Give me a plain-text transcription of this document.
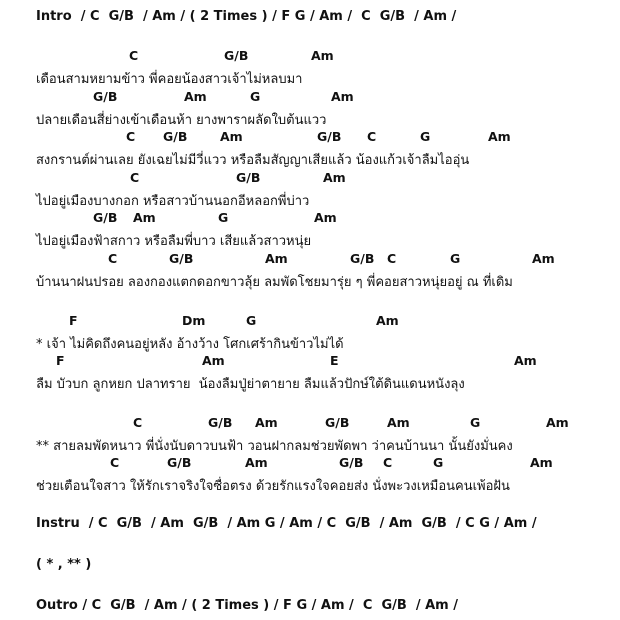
Intro  / C  G/B  / Am / ( 2 Times ) / F G / Am /  C  G/B  / Am /
C	G/B	Am
เดือนสามหยามข้าว พี่คอยน้องสาวเจ้าไม่หลบมา
G/B	Am	G	Am
ปลายเดือนสี่ย่างเข้าเดือนห้า ยางพาราผลัดใบต้นแวว
C G/B	Am	G/B C	G	Am
สงกรานต์ผ่านเลย ยังเฉยไม่มีวี่แวว หรือลืมสัญญาเสียแล้ว น้องแก้วเจ้าลืมไออุ่น
C	G/B	Am
ไปอยู่เมืองบางกอก หรือสาวบ้านนอกอีหลอกพี่บ่าว
G/B Am	G	Am
ไปอยู่เมืองฟ้าสกาว หรือลืมพี่บาว เสียแล้วสาวหนุ่ย
C	G/B	Am	G/B C	G	Am
บ้านนาฝนปรอย ลองกองแตกดอกขาวลุ้ย ลมพัดโชยมารุ่ย ๆ พี่คอยสาวหนุ่ยอยู่ ณ ที่เดิม
F	Dm	G	Am
* เจ้า ไม่คิดถึงคนอยู่หลัง อ้างว้าง โศกเศร้ากินข้าวไม่ได้
F	Am	E	Am
ลืม บัวบก ลูกหยก ปลาทราย  น้องลืมปู่ย่าตายาย ลืมแล้วปักษ์ใต้ดินแดนหนังลุง
C	G/B Am	G/B	Am	G	Am
** สายลมพัดหนาว พี่นั่งนับดาวบนฟ้า วอนฝากลมช่วยพัดพา ว่าคนบ้านนา นั้นยังมั่นคง
C	G/B	Am	G/B C	G	Am
ช่วยเตือนใจสาว ให้รักเราจริงใจซื่อตรง ด้วยรักแรงใจคอยส่ง นั่งพะวงเหมือนคนเพ้อฝัน
Instru  / C  G/B  / Am  G/B  / Am G / Am / C  G/B  / Am  G/B  / C G / Am /
( * , ** )
Outro / C  G/B  / Am / ( 2 Times ) / F G / Am /  C  G/B  / Am /
